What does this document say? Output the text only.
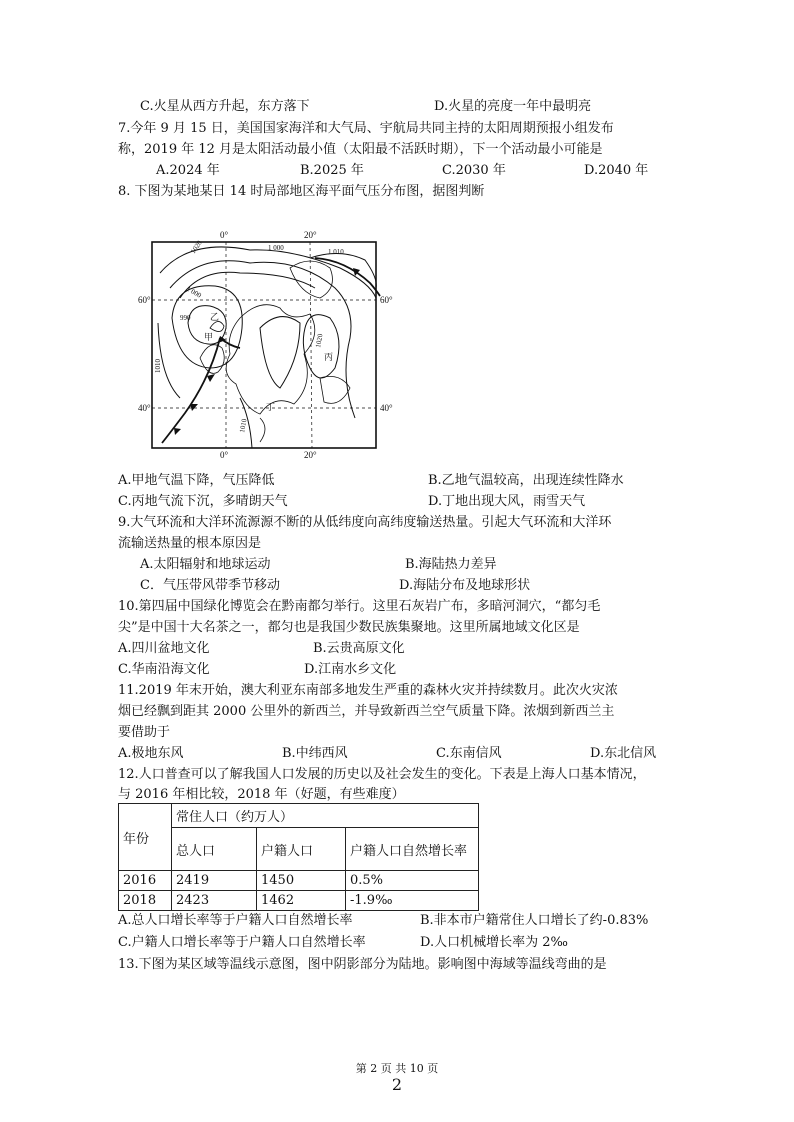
C.火星从西方升起，东方落下	D.火星的亮度一年中最明亮
7.今年 9 月 15 日，美国国家海洋和大气局、宇航局共同主持的太阳周期预报小组发布
称，2019 年 12 月是太阳活动最小值（太阳最不活跃时期），下一个活动最小可能是
A.2024 年	B.2025 年	C.2030 年	D.2040 年
8. 下图为某地某日 14 时局部地区海平面气压分布图，据图判断
0°	20°
0°	20°
60°	60°
40°	40°
1020	1 000	1 010
1 000
990
1010
1020
1010
甲
乙
丙
丁
A.甲地气温下降，气压降低	B.乙地气温较高，出现连续性降水
C.丙地气流下沉，多晴朗天气	D.丁地出现大风，雨雪天气
9.大气环流和大洋环流源源不断的从低纬度向高纬度输送热量。引起大气环流和大洋环
流输送热量的根本原因是
A.太阳辐射和地球运动	B.海陆热力差异
C．气压带风带季节移动	D.海陆分布及地球形状
10.第四届中国绿化博览会在黔南都匀举行。这里石灰岩广布，多暗河洞穴，“都匀毛
尖”是中国十大名茶之一，都匀也是我国少数民族集聚地。这里所属地域文化区是
A.四川盆地文化	B.云贵高原文化
C.华南沿海文化	D.江南水乡文化
11.2019 年末开始，澳大利亚东南部多地发生严重的森林火灾并持续数月。此次火灾浓
烟已经飘到距其 2000 公里外的新西兰，并导致新西兰空气质量下降。浓烟到新西兰主
要借助于
A.极地东风	B.中纬西风	C.东南信风	D.东北信风
12.人口普查可以了解我国人口发展的历史以及社会发生的变化。下表是上海人口基本情况，
与 2016 年相比较，2018 年（好题，有些难度）
年份	常住人口（约万人）		
	总人口	户籍人口	户籍人口自然增长率
2016	2419	1450	0.5%
2018	2423	1462	-1.9‰
A.总人口增长率等于户籍人口自然增长率	B.非本市户籍常住人口增长了约-0.83%
C.户籍人口增长率等于户籍人口自然增长率	D.人口机械增长率为 2‰
13.下图为某区域等温线示意图，图中阴影部分为陆地。影响图中海域等温线弯曲的是
第 2 页 共 10 页
2
